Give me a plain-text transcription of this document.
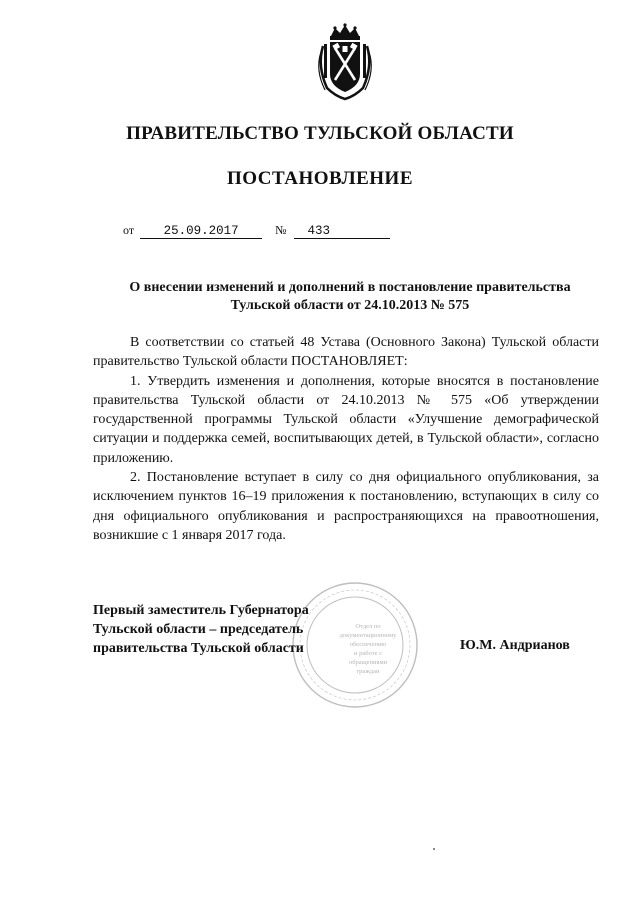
ПРАВИТЕЛЬСТВО ТУЛЬСКОЙ ОБЛАСТИ
ПОСТАНОВЛЕНИЕ
от 25.09.2017	№ 433
О внесении изменений и дополнений в постановление правительства
Тульской области от 24.10.2013 № 575

В соответствии со статьей 48 Устава (Основного Закона) Тульской области правительство Тульской области ПОСТАНОВЛЯЕТ:

1. Утвердить изменения и дополнения, которые вносятся в постановление правительства Тульской области от 24.10.2013 № 575 «Об утверждении государственной программы Тульской области «Улучшение демографической ситуации и поддержка семей, воспитывающих детей, в Тульской области», согласно приложению.

2. Постановление вступает в силу со дня официального опубликования, за исключением пунктов 16–19 приложения к постановлению, вступающих в силу со дня официального опубликования и распространяющихся на правоотношения, возникшие с 1 января 2017 года.

Отдел по
документационному
обеспечению
и работе с
обращениями
граждан
Первый заместитель Губернатора
Тульской области – председатель
правительства Тульской области	Ю.М. Андрианов
